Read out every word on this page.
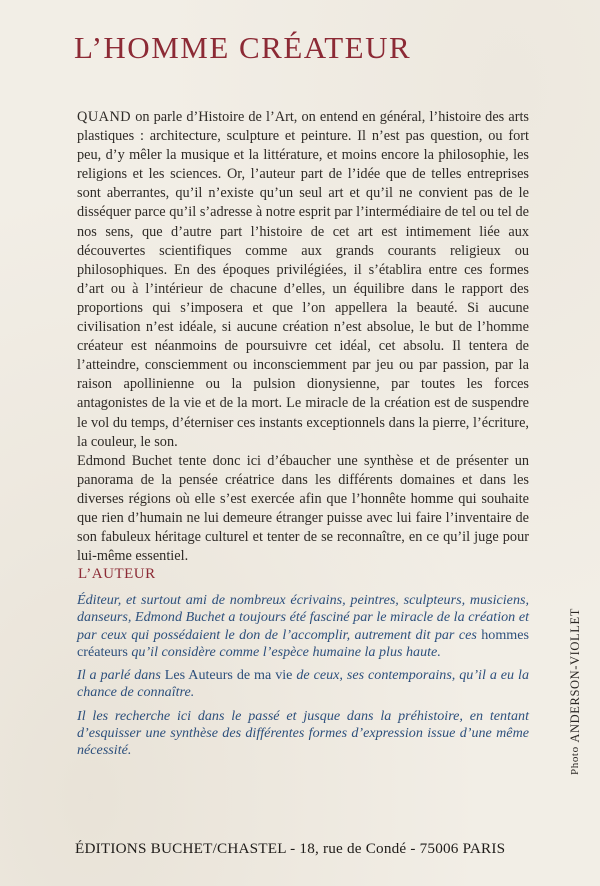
L’HOMME CRÉATEUR

QUAND on parle d’Histoire de l’Art, on entend en général, l’histoire des arts plastiques : architecture, sculpture et peinture. Il n’est pas question, ou fort peu, d’y mêler la musique et la littérature, et moins encore la philosophie, les religions et les sciences. Or, l’auteur part de l’idée que de telles entreprises sont aberrantes, qu’il n’existe qu’un seul art et qu’il ne convient pas de le disséquer parce qu’il s’adresse à notre esprit par l’intermédiaire de tel ou tel de nos sens, que d’autre part l’histoire de cet art est intimement liée aux découvertes scientifiques comme aux grands courants religieux ou philosophiques. En des époques privilégiées, il s’établira entre ces formes d’art ou à l’intérieur de chacune d’elles, un équilibre dans le rapport des proportions qui s’imposera et que l’on appellera la beauté. Si aucune civilisation n’est idéale, si aucune création n’est absolue, le but de l’homme créateur est néanmoins de poursuivre cet idéal, cet absolu. Il tentera de l’atteindre, consciemment ou inconsciemment par jeu ou par passion, par la raison apollinienne ou la pulsion dionysienne, par toutes les forces antagonistes de la vie et de la mort. Le miracle de la création est de suspendre le vol du temps, d’éterniser ces instants exceptionnels dans la pierre, l’écriture, la couleur, le son.

Edmond Buchet tente donc ici d’ébaucher une synthèse et de présenter un panorama de la pensée créatrice dans les différents domaines et dans les diverses régions où elle s’est exercée afin que l’honnête homme qui souhaite que rien d’humain ne lui demeure étranger puisse avec lui faire l’inventaire de son fabuleux héritage culturel et tenter de se reconnaître, en ce qu’il juge pour lui-même essentiel.

L’AUTEUR

Éditeur, et surtout ami de nombreux écrivains, peintres, sculpteurs, musiciens, danseurs, Edmond Buchet a toujours été fasciné par le miracle de la création et par ceux qui possédaient le don de l’accomplir, autrement dit par ces hommes créateurs qu’il considère comme l’espèce humaine la plus haute.

Il a parlé dans Les Auteurs de ma vie de ceux, ses contemporains, qu’il a eu la chance de connaître.

Il les recherche ici dans le passé et jusque dans la préhistoire, en tentant d’esquisser une synthèse des différentes formes d’expression issue d’une même nécessité.	Photo ANDERSON-VIOLLET

ÉDITIONS BUCHET/CHASTEL - 18, rue de Condé - 75006 PARIS
